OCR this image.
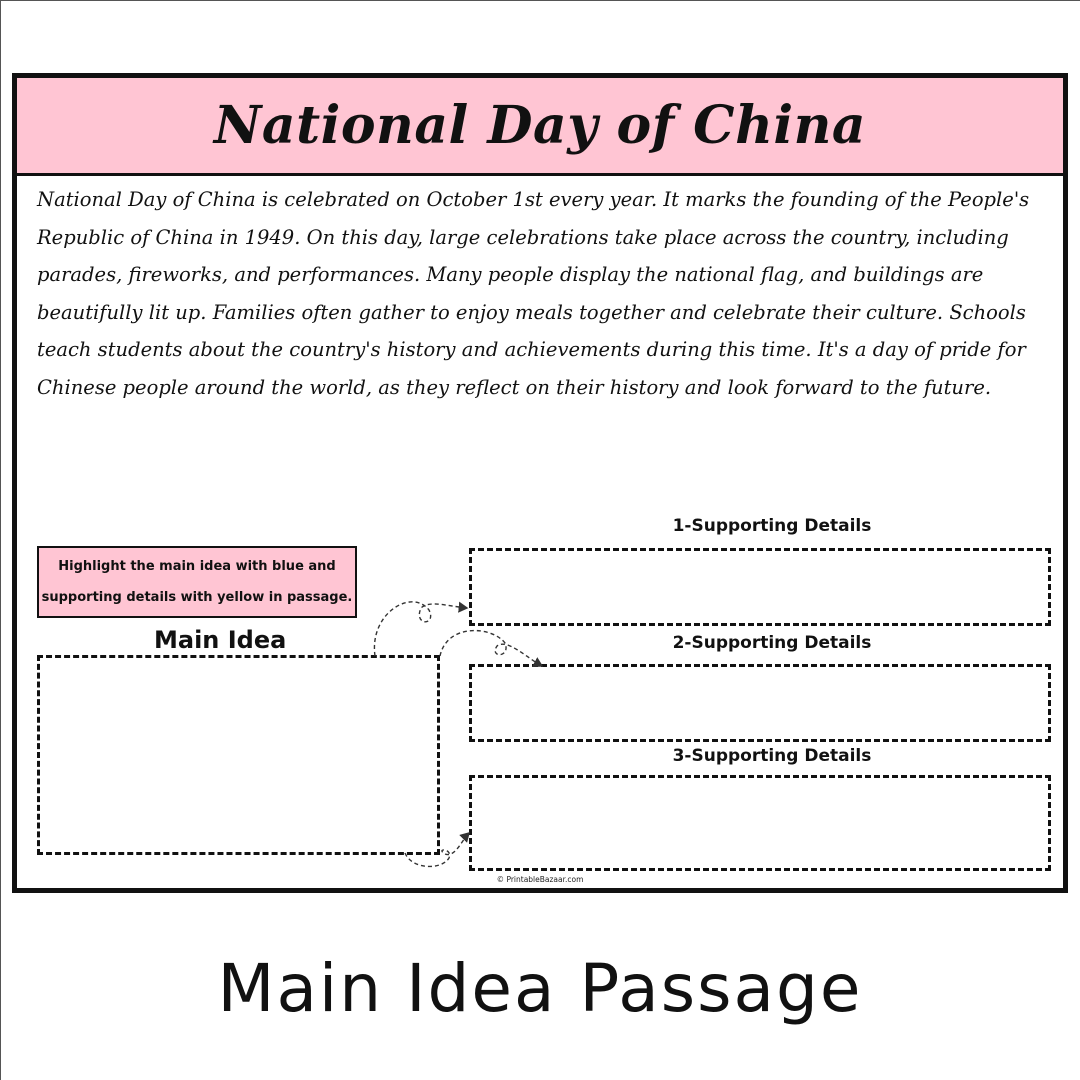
National Day of China

National Day of China is celebrated on October 1st every year. It marks the founding of the People's Republic of China in 1949. On this day, large celebrations take place across the country, including parades, fireworks, and performances. Many people display the national flag, and buildings are beautifully lit up. Families often gather to enjoy meals together and celebrate their culture. Schools teach students about the country's history and achievements during this time. It's a day of pride for Chinese people around the world, as they reflect on their history and look forward to the future.

Highlight the main idea with blue and supporting details with yellow in passage.
Main Idea
1-Supporting Details
2-Supporting Details
3-Supporting Details
© PrintableBazaar.com
Main Idea Passage
